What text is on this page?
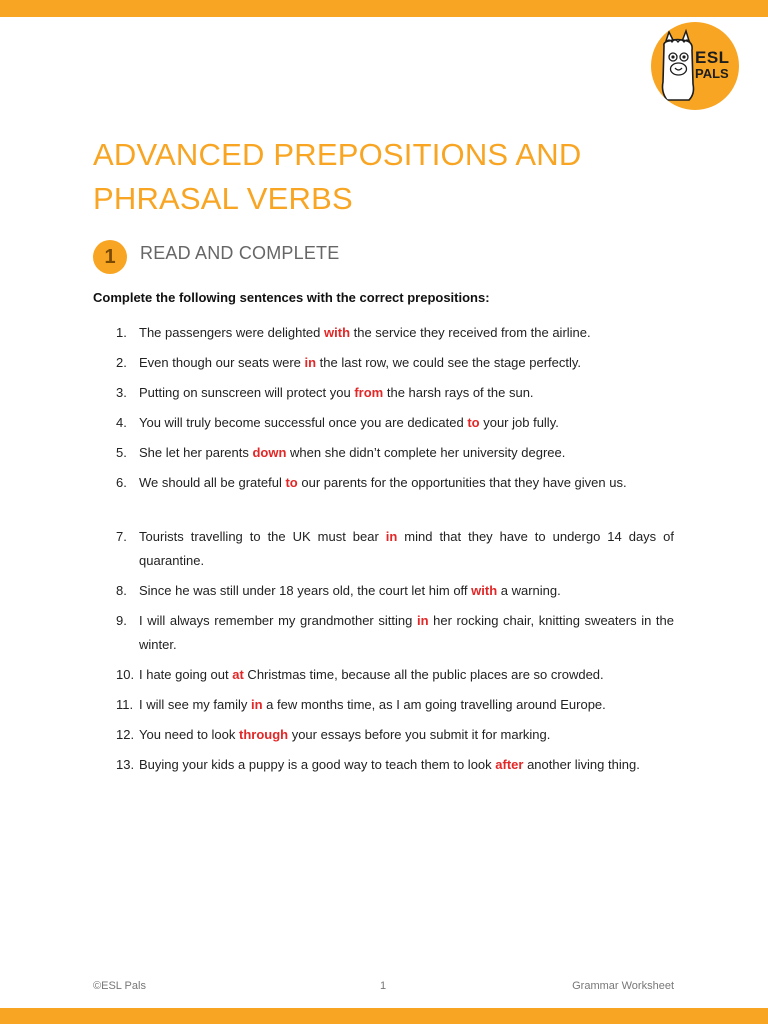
ESL
PALS
ADVANCED PREPOSITIONS AND
PHRASAL VERBS
1	READ AND COMPLETE
Complete the following sentences with the correct prepositions:
1. The passengers were delighted with the service they received from the airline.
2. Even though our seats were in the last row, we could see the stage perfectly.
3. Putting on sunscreen will protect you from the harsh rays of the sun.
4. You will truly become successful once you are dedicated to your job fully.
5. She let her parents down when she didn’t complete her university degree.
6. We should all be grateful to our parents for the opportunities that they have given us.
7. Tourists travelling to the UK must bear in mind that they have to undergo 14 days of quarantine.
8. Since he was still under 18 years old, the court let him off with a warning.
9. I will always remember my grandmother sitting in her rocking chair, knitting sweaters in the winter.
10. I hate going out at Christmas time, because all the public places are so crowded.
11. I will see my family in a few months time, as I am going travelling around Europe.
12. You need to look through your essays before you submit it for marking.
13. Buying your kids a puppy is a good way to teach them to look after another living thing.
©ESL Pals	1	Grammar Worksheet
